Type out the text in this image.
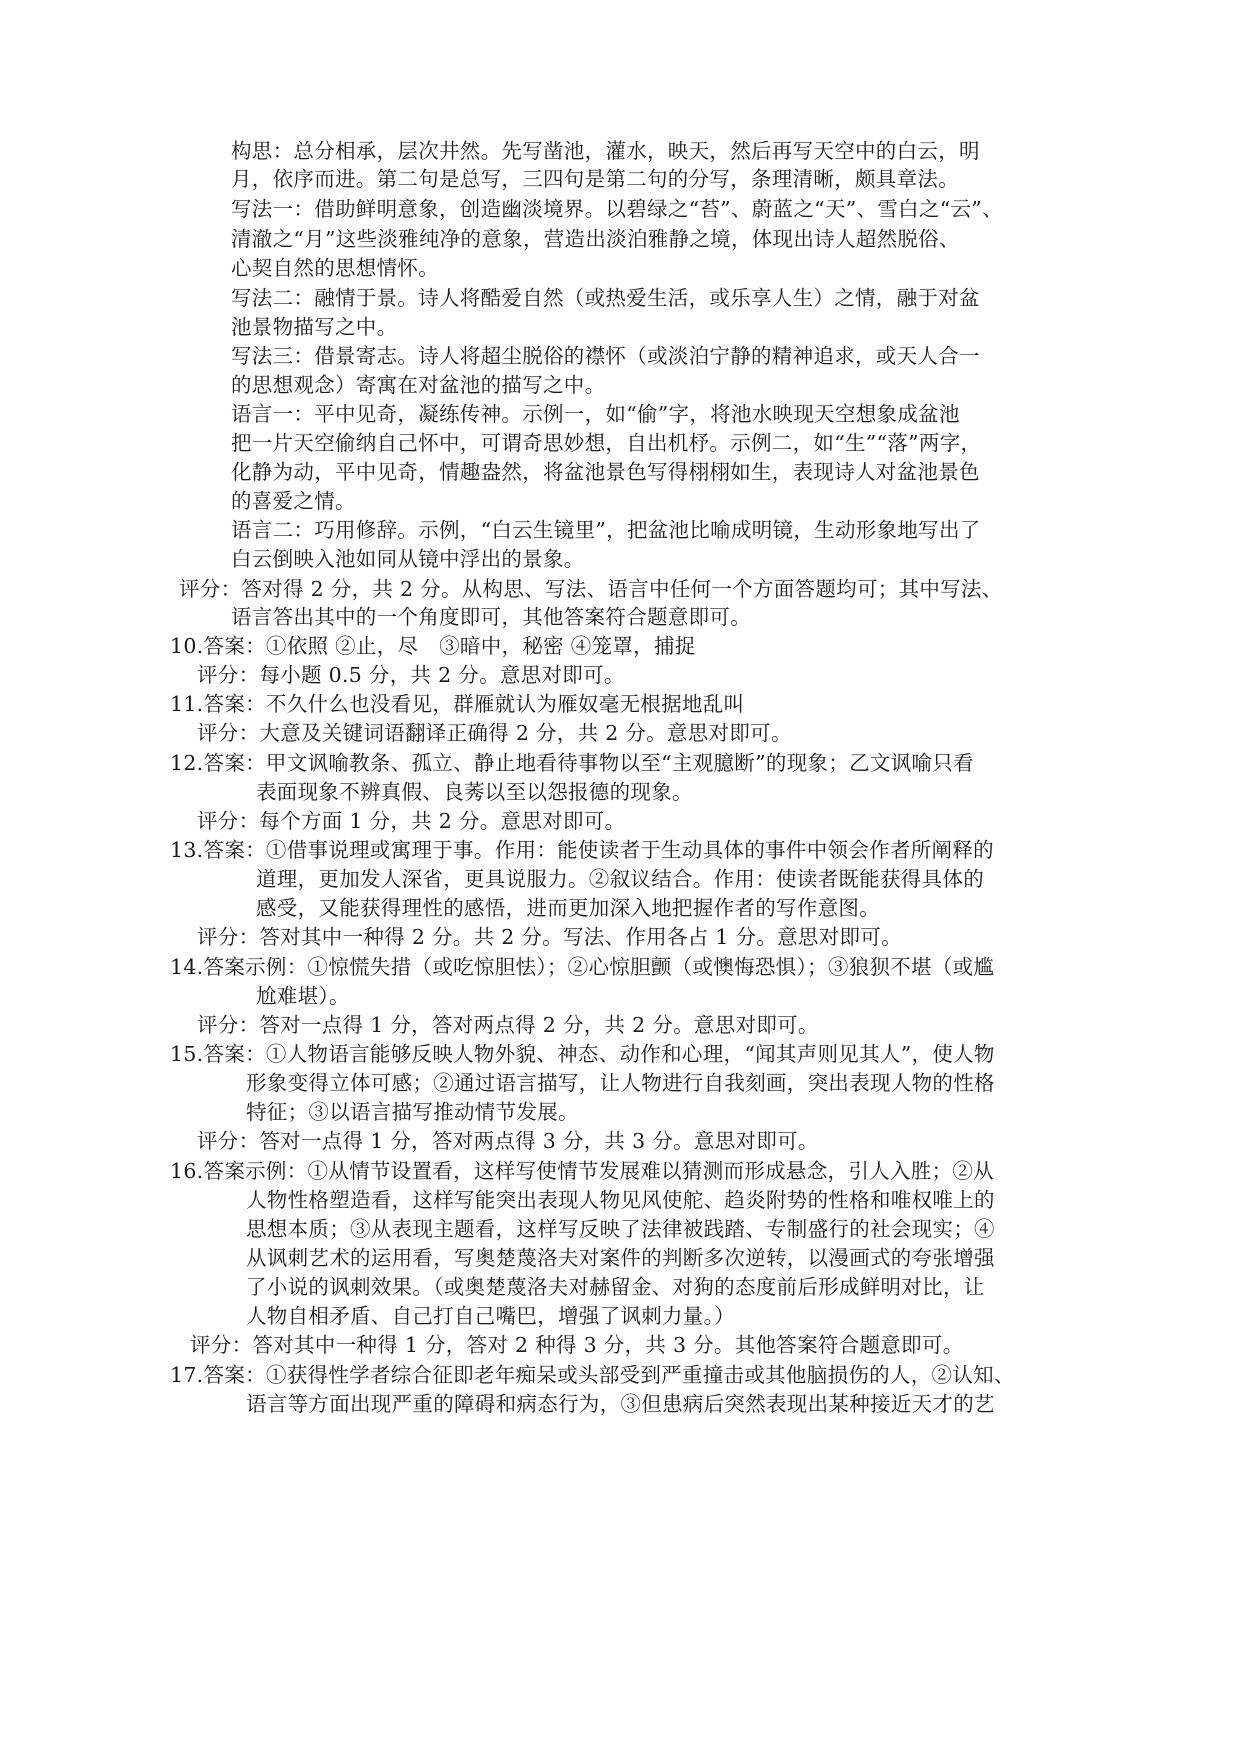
构思：总分相承，层次井然。先写凿池，灌水，映天，然后再写天空中的白云，明
月，依序而进。第二句是总写，三四句是第二句的分写，条理清晰，颇具章法。
写法一：借助鲜明意象，创造幽淡境界。以碧绿之“苔”、蔚蓝之“天”、雪白之“云”、
清澈之“月”这些淡雅纯净的意象，营造出淡泊雅静之境，体现出诗人超然脱俗、
心契自然的思想情怀。
写法二：融情于景。诗人将酷爱自然（或热爱生活，或乐享人生）之情，融于对盆
池景物描写之中。
写法三：借景寄志。诗人将超尘脱俗的襟怀（或淡泊宁静的精神追求，或天人合一
的思想观念）寄寓在对盆池的描写之中。
语言一：平中见奇，凝练传神。示例一，如“偷”字，将池水映现天空想象成盆池
把一片天空偷纳自己怀中，可谓奇思妙想，自出机杼。示例二，如“生”“落”两字，
化静为动，平中见奇，情趣盎然，将盆池景色写得栩栩如生，表现诗人对盆池景色
的喜爱之情。
语言二：巧用修辞。示例，“白云生镜里”，把盆池比喻成明镜，生动形象地写出了
白云倒映入池如同从镜中浮出的景象。
评分：答对得 2 分，共 2 分。从构思、写法、语言中任何一个方面答题均可；其中写法、
语言答出其中的一个角度即可，其他答案符合题意即可。
10.答案：①依照 ②止，尽　③暗中，秘密 ④笼罩，捕捉
评分：每小题 0.5 分，共 2 分。意思对即可。
11.答案：不久什么也没看见，群雁就认为雁奴毫无根据地乱叫
评分：大意及关键词语翻译正确得 2 分，共 2 分。意思对即可。
12.答案：甲文讽喻教条、孤立、静止地看待事物以至“主观臆断”的现象；乙文讽喻只看
表面现象不辨真假、良莠以至以怨报德的现象。
评分：每个方面 1 分，共 2 分。意思对即可。
13.答案：①借事说理或寓理于事。作用：能使读者于生动具体的事件中领会作者所阐释的
道理，更加发人深省，更具说服力。②叙议结合。作用：使读者既能获得具体的
感受，又能获得理性的感悟，进而更加深入地把握作者的写作意图。
评分：答对其中一种得 2 分。共 2 分。写法、作用各占 1 分。意思对即可。
14.答案示例：①惊慌失措（或吃惊胆怯）；②心惊胆颤（或懊悔恐惧）；③狼狈不堪（或尴
尬难堪）。
评分：答对一点得 1 分，答对两点得 2 分，共 2 分。意思对即可。
15.答案：①人物语言能够反映人物外貌、神态、动作和心理，“闻其声则见其人”，使人物
形象变得立体可感；②通过语言描写，让人物进行自我刻画，突出表现人物的性格
特征；③以语言描写推动情节发展。
评分：答对一点得 1 分，答对两点得 3 分，共 3 分。意思对即可。
16.答案示例：①从情节设置看，这样写使情节发展难以猜测而形成悬念，引人入胜；②从
人物性格塑造看，这样写能突出表现人物见风使舵、趋炎附势的性格和唯权唯上的
思想本质；③从表现主题看，这样写反映了法律被践踏、专制盛行的社会现实；④
从讽刺艺术的运用看，写奥楚蔑洛夫对案件的判断多次逆转，以漫画式的夸张增强
了小说的讽刺效果。（或奥楚蔑洛夫对赫留金、对狗的态度前后形成鲜明对比，让
人物自相矛盾、自己打自己嘴巴，增强了讽刺力量。）
评分：答对其中一种得 1 分，答对 2 种得 3 分，共 3 分。其他答案符合题意即可。
17.答案：①获得性学者综合征即老年痴呆或头部受到严重撞击或其他脑损伤的人，②认知、
语言等方面出现严重的障碍和病态行为，③但患病后突然表现出某种接近天才的艺
